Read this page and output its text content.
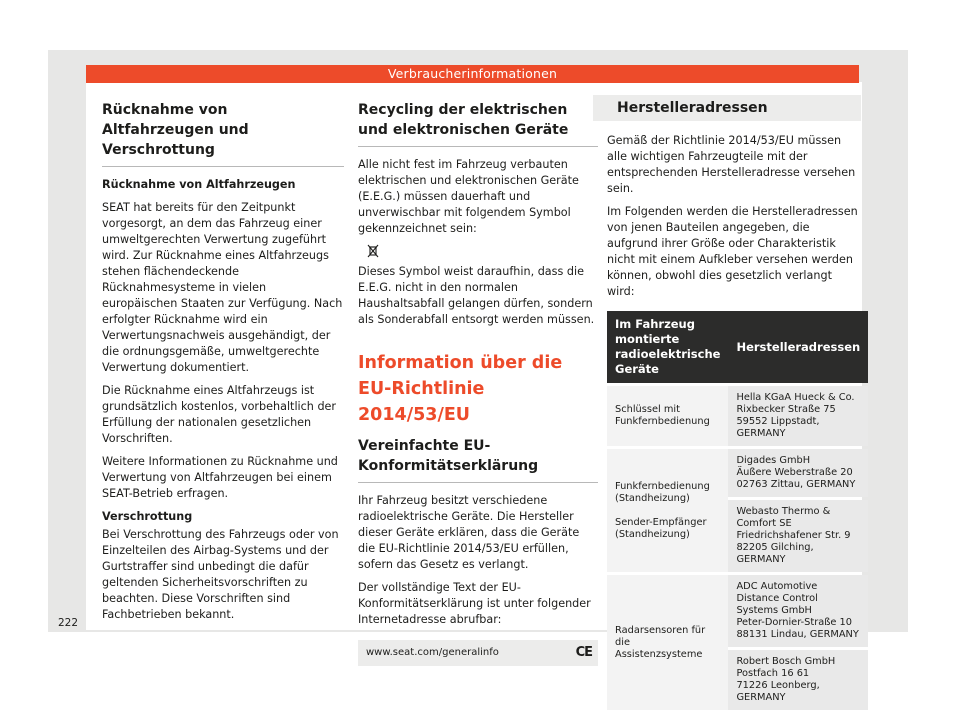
Verbraucherinformationen
Rücknahme von Altfahrzeugen und Verschrottung

Rücknahme von Altfahrzeugen

SEAT hat bereits für den Zeitpunkt vorgesorgt, an dem das Fahrzeug einer umweltgerechten Verwertung zugeführt wird. Zur Rücknahme eines Altfahrzeugs stehen flächendeckende Rücknahmesysteme in vielen europäischen Staaten zur Verfügung. Nach erfolgter Rücknahme wird ein Verwertungsnachweis ausgehändigt, der die ordnungsgemäße, umweltgerechte Verwertung dokumentiert.

Die Rücknahme eines Altfahrzeugs ist grundsätzlich kostenlos, vorbehaltlich der Erfüllung der nationalen gesetzlichen Vorschriften.

Weitere Informationen zu Rücknahme und Verwertung von Altfahrzeugen bei einem SEAT-Betrieb erfragen.

Verschrottung

Bei Verschrottung des Fahrzeugs oder von Einzelteilen des Airbag-Systems und der Gurtstraffer sind unbedingt die dafür geltenden Sicherheitsvorschriften zu beachten. Diese Vorschriften sind Fachbetrieben bekannt.

Recycling der elektrischen und elektronischen Geräte

Alle nicht fest im Fahrzeug verbauten elektrischen und elektronischen Geräte (E.E.G.) müssen dauerhaft und unverwischbar mit folgendem Symbol gekennzeichnet sein:

Dieses Symbol weist daraufhin, dass die E.E.G. nicht in den normalen Haushaltsabfall gelangen dürfen, sondern als Sonderabfall entsorgt werden müssen.

Information über die EU-Richtlinie 2014/53/EU
Vereinfachte EU-Konformitätserklärung

Ihr Fahrzeug besitzt verschiedene radioelektrische Geräte. Die Hersteller dieser Geräte erklären, dass die Geräte die EU-Richtlinie 2014/53/EU erfüllen, sofern das Gesetz es verlangt.

Der vollständige Text der EU-Konformitätserklärung ist unter folgender Internetadresse abrufbar:

www.seat.com/generalinfo	CE
Herstelleradressen

Gemäß der Richtlinie 2014/53/EU müssen alle wichtigen Fahrzeugteile mit der entsprechenden Herstelleradresse versehen sein.

Im Folgenden werden die Herstelleradressen von jenen Bauteilen angegeben, die aufgrund ihrer Größe oder Charakteristik nicht mit einem Aufkleber versehen werden können, obwohl dies gesetzlich verlangt wird:

Im Fahrzeug montierte radioelektrische Geräte	Herstelleradressen
Schlüssel mit Funkfernbedienung	Hella KGaA Hueck & Co.
Rixbecker Straße 75
59552 Lippstadt,
GERMANY
Funkfernbedienung (Standheizung)

Sender-Empfänger (Standheizung)	Digades GmbH
Äußere Weberstraße 20
02763 Zittau, GERMANY
	Webasto Thermo & Comfort SE
Friedrichshafener Str. 9
82205 Gilching, GERMANY
Radarsensoren für die Assistenzsysteme	ADC Automotive Distance Control Systems GmbH
Peter-Dornier-Straße 10
88131 Lindau, GERMANY
	Robert Bosch GmbH
Postfach 16 61
71226 Leonberg,
GERMANY
222
